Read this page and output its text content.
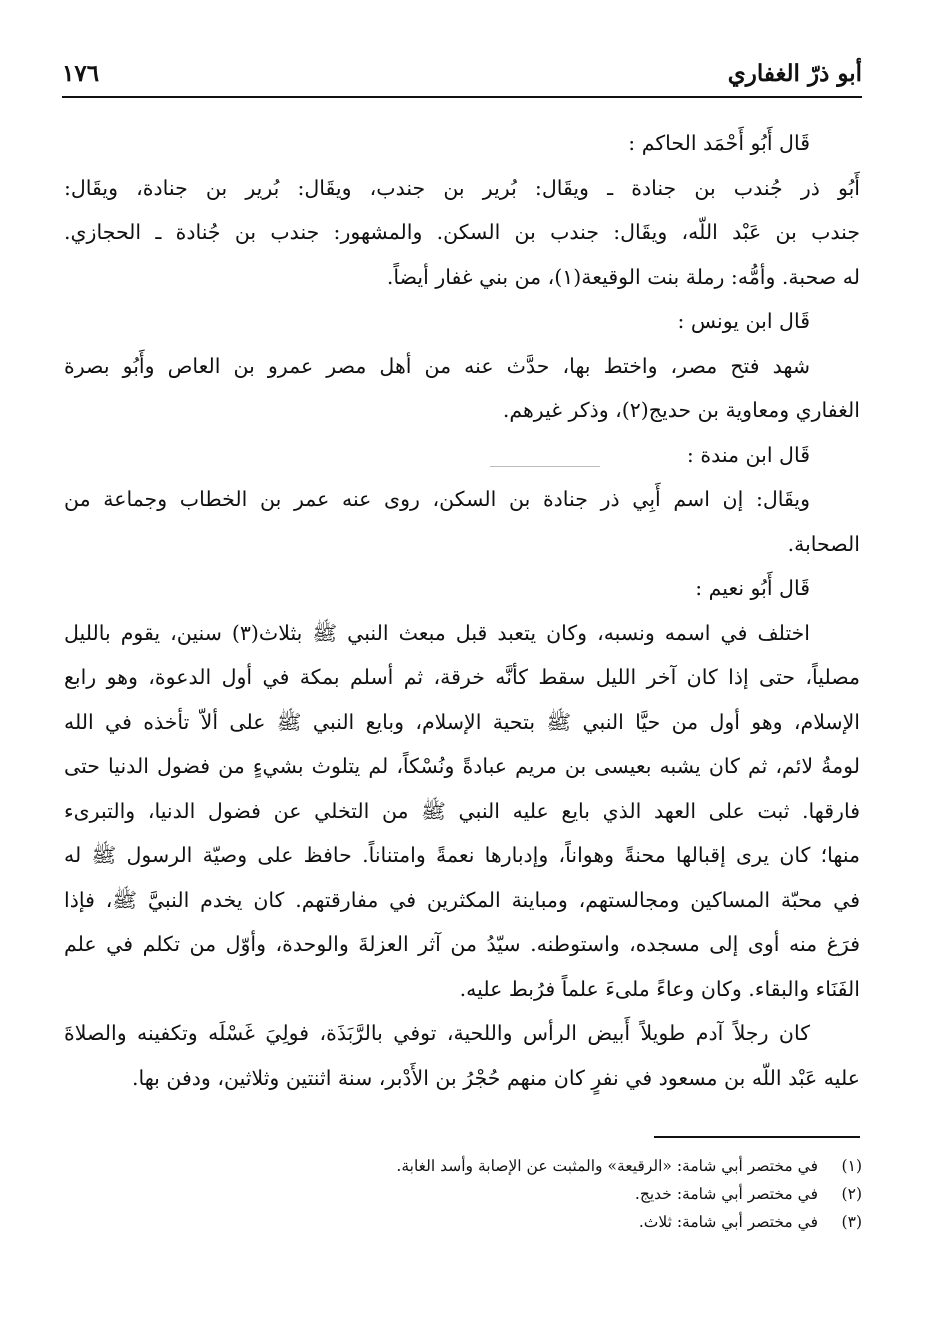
١٧٦	أبو ذرّ الغفاري
قَال أَبُو أَحْمَد الحاكم :
أَبُو ذر جُندب بن جنادة ـ ويقَال: بُرير بن جندب، ويقَال: بُرير بن جنادة، ويقَال:
جندب بن عَبْد اللّه، ويقَال: جندب بن السكن. والمشهور: جندب بن جُنادة ـ الحجازي.
له صحبة. وأمُّه: رملة بنت الوقيعة(١)، من بني غفار أيضاً.
قَال ابن يونس :
شهد فتح مصر، واختط بها، حدَّث عنه من أهل مصر عمرو بن العاص وأَبُو بصرة
الغفاري ومعاوية بن حديج(٢)، وذكر غيرهم.
قَال ابن مندة :
ويقَال: إن اسم أَبِي ذر جنادة بن السكن، روى عنه عمر بن الخطاب وجماعة من
الصحابة.
قَال أَبُو نعيم :
اختلف في اسمه ونسبه، وكان يتعبد قبل مبعث النبي ﷺ بثلاث(٣) سنين، يقوم بالليل
مصلياً، حتى إذا كان آخر الليل سقط كأنَّه خرقة، ثم أسلم بمكة في أول الدعوة، وهو رابع
الإسلام، وهو أول من حيَّا النبي ﷺ بتحية الإسلام، وبايع النبي ﷺ على ألاّ تأخذه في الله
لومةُ لائم، ثم كان يشبه بعيسى بن مريم عبادةً ونُسْكاً، لم يتلوث بشيءٍ من فضول الدنيا حتى
فارقها. ثبت على العهد الذي بايع عليه النبي ﷺ من التخلي عن فضول الدنيا، والتبرىء
منها؛ كان يرى إقبالها محنةً وهواناً، وإدبارها نعمةً وامتناناً. حافظ على وصيّة الرسول ﷺ له
في محبّة المساكين ومجالستهم، ومباينة المكثرين في مفارقتهم. كان يخدم النبيَّ ﷺ، فإذا
فرَغ منه أوى إلى مسجده، واستوطنه. سيّدُ من آثر العزلةَ والوحدة، وأوّل من تكلم في علم
الفَنَاء والبقاء. وكان وعاءً ملىءَ علماً فرُبط عليه.
كان رجلاً آدم طويلاً أَبيض الرأس واللحية، توفي بالرَّبَذَة، فولِيَ غَسْلَه وتكفينه والصلاةَ
عليه عَبْد اللّه بن مسعود في نفرٍ كان منهم حُجْرُ بن الأَدْبر، سنة اثنتين وثلاثين، ودفن بها.
(١)في مختصر أبي شامة: «الرقيعة» والمثبت عن الإصابة وأسد الغابة.
(٢)في مختصر أبي شامة: خديج.
(٣)في مختصر أبي شامة: ثلاث.
